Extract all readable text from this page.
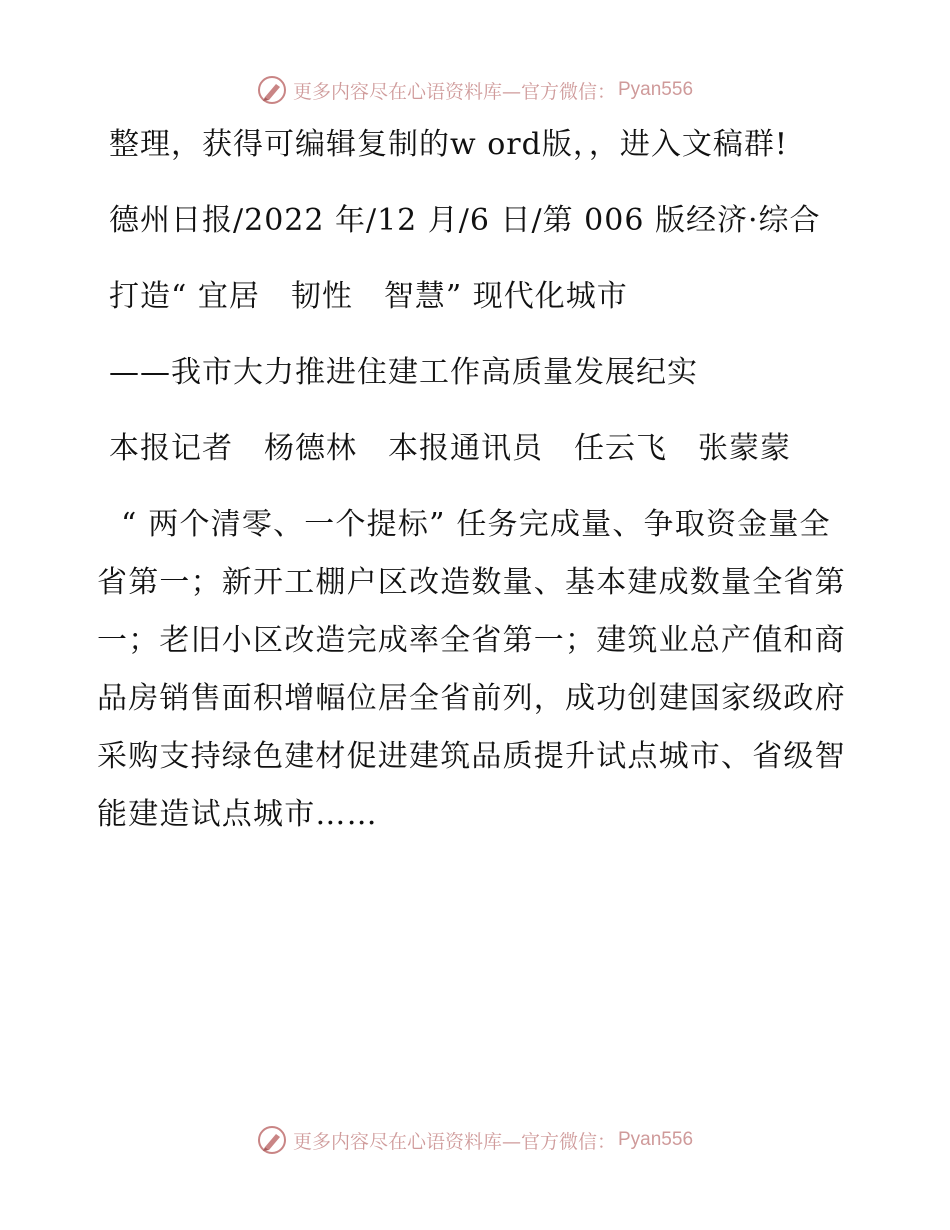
更多内容尽在心语资料库 —官方微信： Pyan556

整理，获得可编辑复制的w ord版，，进入文稿群!

德州日报/2022 年/12 月/6 日/第 006 版经济·综合

打造“ 宜居　韧性　智慧” 现代化城市

——我市大力推进住建工作高质量发展纪实

本报记者　杨德林　本报通讯员　任云飞　张蒙蒙

“ 两个清零、一个提标” 任务完成量、争取资金量全省第一；新开工棚户区改造数量、基本建成数量全省第一；老旧小区改造完成率全省第一；建筑业总产值和商品房销售面积增幅位居全省前列，成功创建国家级政府采购支持绿色建材促进建筑品质提升试点城市、省级智能建造试点城市……

更多内容尽在心语资料库 —官方微信： Pyan556
